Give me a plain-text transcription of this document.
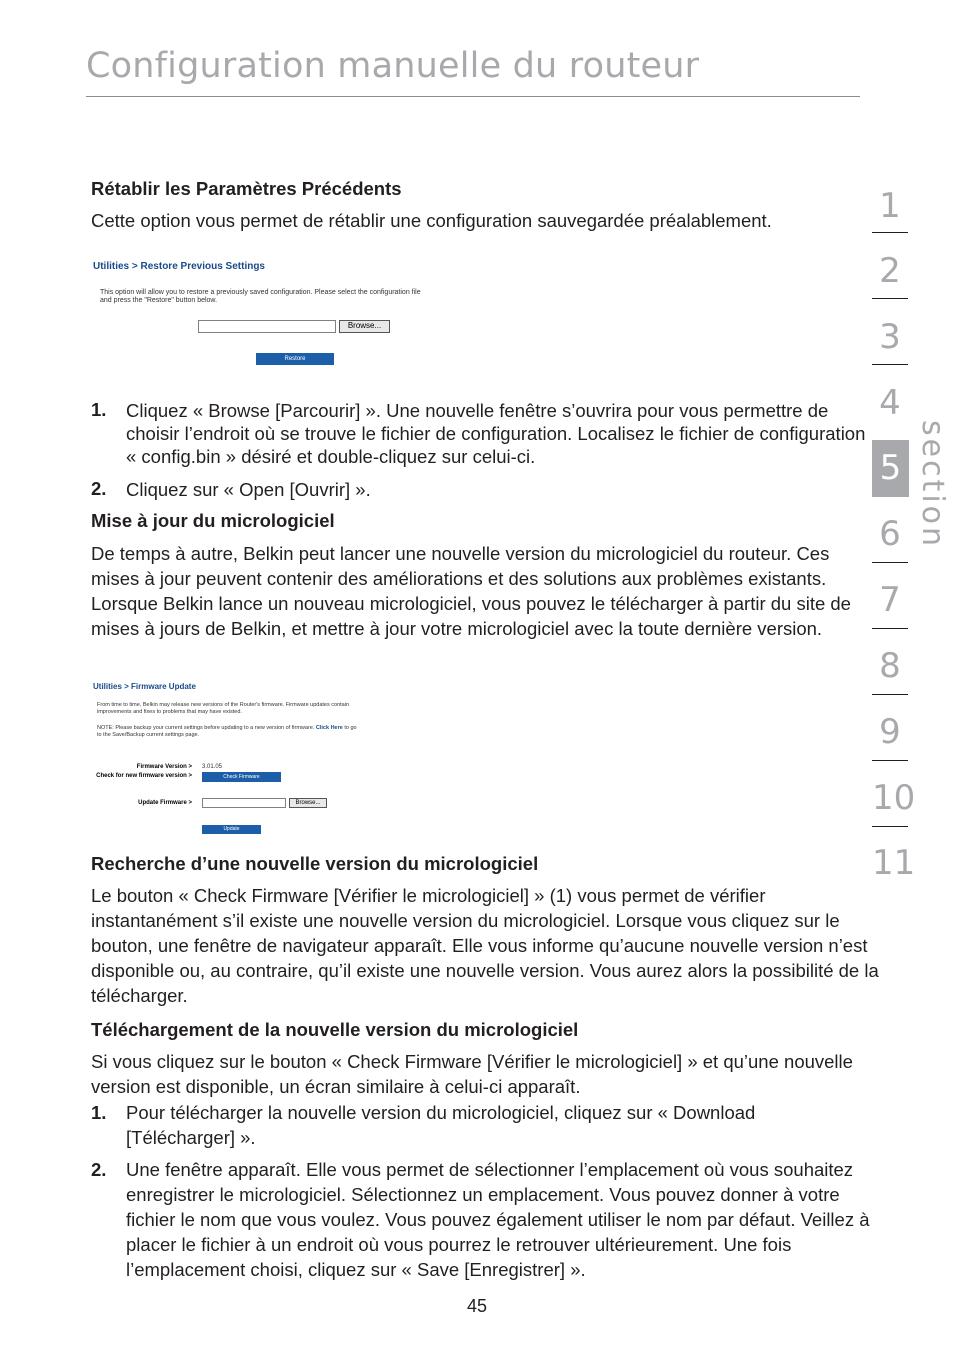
Configuration manuelle du routeur
1
2
3
4
5
6
7
8
9
10
11
section
Rétablir les Paramètres Précédents
Cette option vous permet de rétablir une configuration sauvegardée préalablement.
Utilities > Restore Previous Settings
This option will allow you to restore a previously saved configuration. Please select the configuration file
and press the "Restore" button below.
Browse...
Restore
1. Cliquez « Browse [Parcourir] ». Une nouvelle fenêtre s’ouvrira pour vous permettre de choisir l’endroit où se trouve le fichier de configuration. Localisez le fichier de configuration « config.bin » désiré et double-cliquez sur celui-ci.
2. Cliquez sur « Open [Ouvrir] ».
Mise à jour du micrologiciel
De temps à autre, Belkin peut lancer une nouvelle version du micrologiciel du routeur. Ces mises à jour peuvent contenir des améliorations et des solutions aux problèmes existants. Lorsque Belkin lance un nouveau micrologiciel, vous pouvez le télécharger à partir du site de mises à jours de Belkin, et mettre à jour votre micrologiciel avec la toute dernière version.
Utilities > Firmware Update
From time to time, Belkin may release new versions of the Router's firmware. Firmware updates contain
improvements and fixes to problems that may have existed.
NOTE: Please backup your current settings before updating to a new version of firmware. Click Here to go
to the Save/Backup current settings page.
Firmware Version > 3.01.05
Check for new firmware version >	Check Firmware
Update Firmware >	Browse...
Update
Recherche d’une nouvelle version du micrologiciel
Le bouton « Check Firmware [Vérifier le micrologiciel] » (1) vous permet de vérifier instantanément s’il existe une nouvelle version du micrologiciel. Lorsque vous cliquez sur le bouton, une fenêtre de navigateur apparaît. Elle vous informe qu’aucune nouvelle version n’est disponible ou, au contraire, qu’il existe une nouvelle version. Vous aurez alors la possibilité de la télécharger.
Téléchargement de la nouvelle version du micrologiciel
Si vous cliquez sur le bouton « Check Firmware [Vérifier le micrologiciel] » et qu’une nouvelle version est disponible, un écran similaire à celui-ci apparaît.
1. Pour télécharger la nouvelle version du micrologiciel, cliquez sur « Download [Télécharger] ».
2. Une fenêtre apparaît. Elle vous permet de sélectionner l’emplacement où vous souhaitez enregistrer le micrologiciel. Sélectionnez un emplacement. Vous pouvez donner à votre fichier le nom que vous voulez. Vous pouvez également utiliser le nom par défaut. Veillez à placer le fichier à un endroit où vous pourrez le retrouver ultérieurement. Une fois l’emplacement choisi, cliquez sur « Save [Enregistrer] ».
45
